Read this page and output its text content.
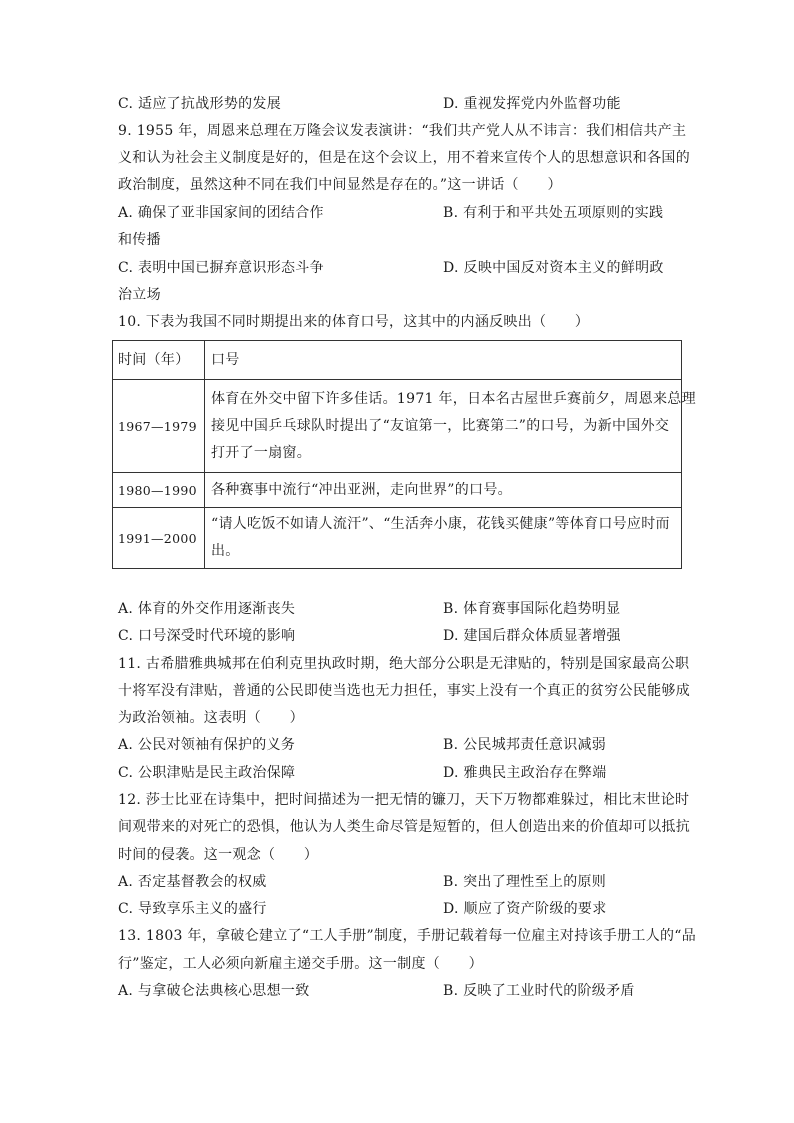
C. 适应了抗战形势的发展	D. 重视发挥党内外监督功能
9. 1955 年，周恩来总理在万隆会议发表演讲：“我们共产党人从不讳言：我们相信共产主
义和认为社会主义制度是好的，但是在这个会议上，用不着来宣传个人的思想意识和各国的
政治制度，虽然这种不同在我们中间显然是存在的。”这一讲话（　　）
A. 确保了亚非国家间的团结合作	B. 有利于和平共处五项原则的实践
和传播
C. 表明中国已摒弃意识形态斗争	D. 反映中国反对资本主义的鲜明政
治立场
10. 下表为我国不同时期提出来的体育口号，这其中的内涵反映出（　　）
时间（年）	口号
1967—1979	体育在外交中留下许多佳话。1971 年，日本名古屋世乒赛前夕，周恩来总理
接见中国乒乓球队时提出了“友谊第一，比赛第二”的口号，为新中国外交
打开了一扇窗。

1980—1990	各种赛事中流行“冲出亚洲，走向世界”的口号。

1991—2000	“请人吃饭不如请人流汗”、“生活奔小康，花钱买健康”等体育口号应时而
出。
A. 体育的外交作用逐渐丧失	B. 体育赛事国际化趋势明显
C. 口号深受时代环境的影响	D. 建国后群众体质显著增强
11. 古希腊雅典城邦在伯利克里执政时期，绝大部分公职是无津贴的，特别是国家最高公职
十将军没有津贴，普通的公民即使当选也无力担任，事实上没有一个真正的贫穷公民能够成
为政治领袖。这表明（　　）
A. 公民对领袖有保护的义务	B. 公民城邦责任意识减弱
C. 公职津贴是民主政治保障	D. 雅典民主政治存在弊端
12. 莎士比亚在诗集中，把时间描述为一把无情的镰刀，天下万物都难躲过，相比末世论时
间观带来的对死亡的恐惧，他认为人类生命尽管是短暂的，但人创造出来的价值却可以抵抗
时间的侵袭。这一观念（　　）
A. 否定基督教会的权威	B. 突出了理性至上的原则
C. 导致享乐主义的盛行	D. 顺应了资产阶级的要求
13. 1803 年，拿破仑建立了“工人手册”制度，手册记载着每一位雇主对持该手册工人的“品
行”鉴定，工人必须向新雇主递交手册。这一制度（　　）
A. 与拿破仑法典核心思想一致	B. 反映了工业时代的阶级矛盾
